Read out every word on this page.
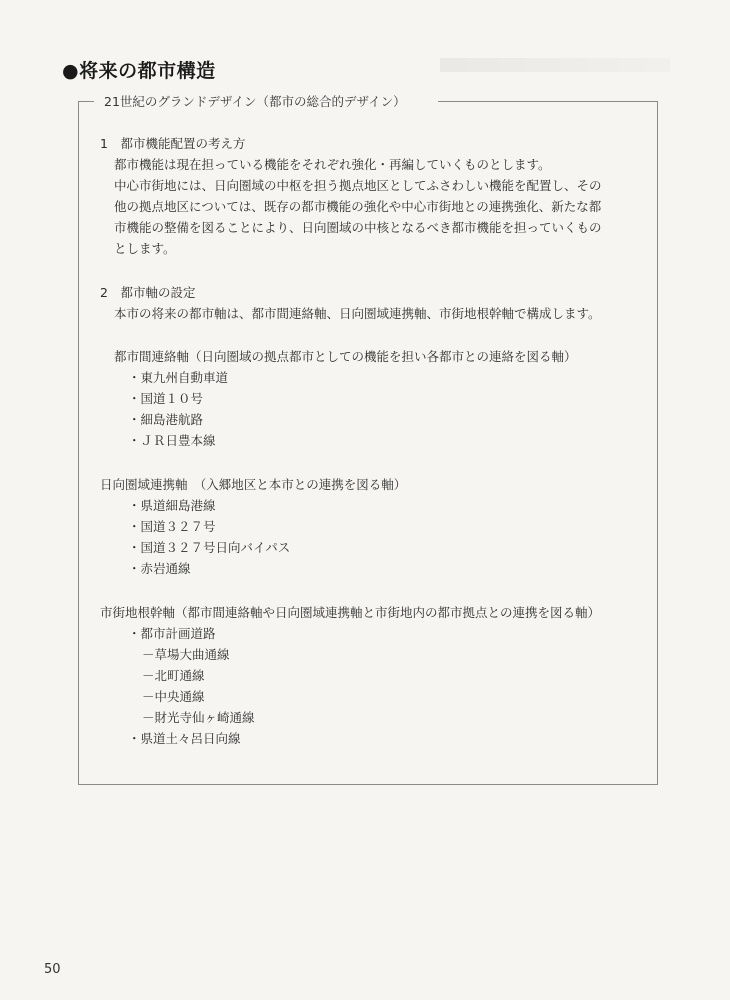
●将来の都市構造
21世紀のグランドデザイン（都市の総合的デザイン）
1　都市機能配置の考え方
都市機能は現在担っている機能をそれぞれ強化・再編していくものとします。
中心市街地には、日向圏域の中枢を担う拠点地区としてふさわしい機能を配置し、その
他の拠点地区については、既存の都市機能の強化や中心市街地との連携強化、新たな都
市機能の整備を図ることにより、日向圏域の中核となるべき都市機能を担っていくもの
とします。
2　都市軸の設定
本市の将来の都市軸は、都市間連絡軸、日向圏域連携軸、市街地根幹軸で構成します。
都市間連絡軸（日向圏域の拠点都市としての機能を担い各都市との連絡を図る軸）
・東九州自動車道
・国道１０号
・細島港航路
・ＪＲ日豊本線
日向圏域連携軸　（入郷地区と本市との連携を図る軸）
・県道細島港線
・国道３２７号
・国道３２７号日向バイパス
・赤岩通線
市街地根幹軸（都市間連絡軸や日向圏域連携軸と市街地内の都市拠点との連携を図る軸）
・都市計画道路
－草場大曲通線
－北町通線
－中央通線
－財光寺仙ヶ崎通線
・県道土々呂日向線
50
